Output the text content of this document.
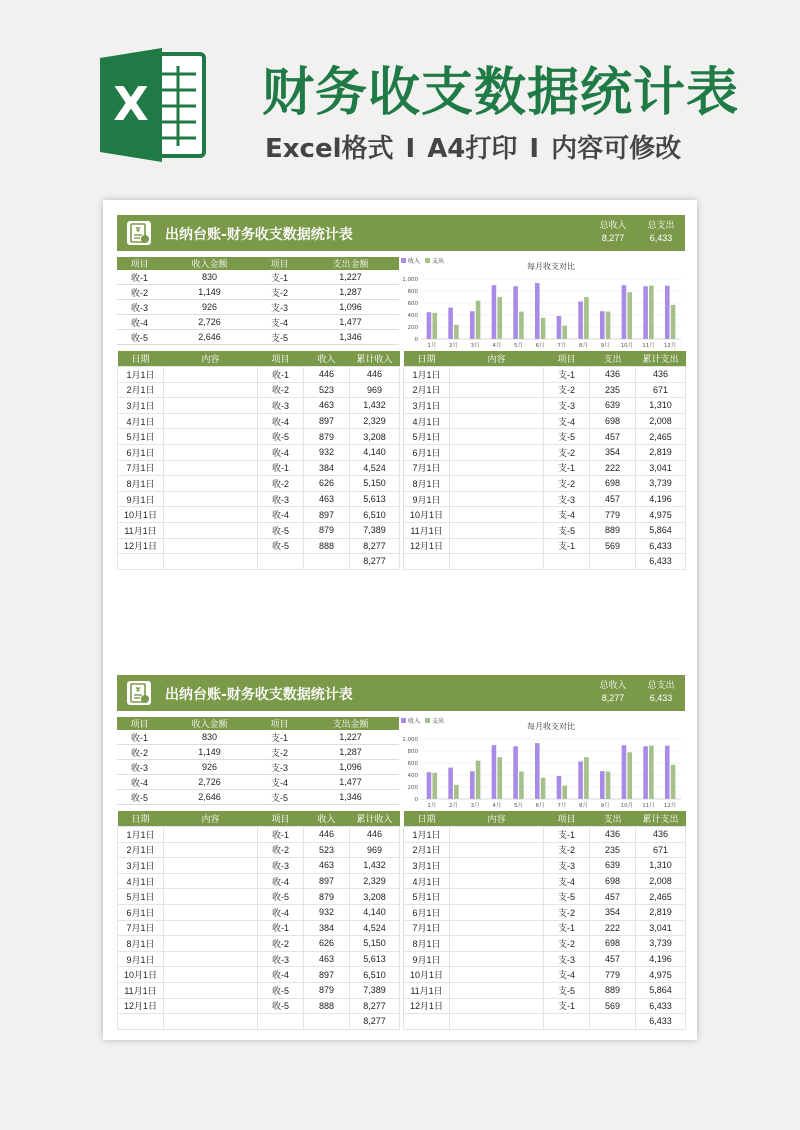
X 财务收支数据统计表
Excel格式 I A4打印 I 内容可修改
¥ 出纳台账-财务收支数据统计表
总收入
8,277
总支出
6,433
项目	收入金额	项目	支出金额
收-1	830	支-1	1,227
收-2	1,149	支-2	1,287
收-3	926	支-3	1,096
收-4	2,726	支-4	1,477
收-5	2,646	支-5	1,346
收入 支出
每月收支对比
0
200
400
600
800
1,000
1月 2月 3月 4月 5月 6月 7月 8月 9月 10月 11月 12月
日期	内容	项目	收入	累计收入
1月1日		收-1	446	446
2月1日		收-2	523	969
3月1日		收-3	463	1,432
4月1日		收-4	897	2,329
5月1日		收-5	879	3,208
6月1日		收-4	932	4,140
7月1日		收-1	384	4,524
8月1日		收-2	626	5,150
9月1日		收-3	463	5,613
10月1日		收-4	897	6,510
11月1日		收-5	879	7,389
12月1日		收-5	888	8,277
				8,277
日期	内容	项目	支出	累计支出
1月1日		支-1	436	436
2月1日		支-2	235	671
3月1日		支-3	639	1,310
4月1日		支-4	698	2,008
5月1日		支-5	457	2,465
6月1日		支-2	354	2,819
7月1日		支-1	222	3,041
8月1日		支-2	698	3,739
9月1日		支-3	457	4,196
10月1日		支-4	779	4,975
11月1日		支-5	889	5,864
12月1日		支-1	569	6,433
				6,433
¥ 出纳台账-财务收支数据统计表
总收入
8,277
总支出
6,433
项目	收入金额	项目	支出金额
收-1	830	支-1	1,227
收-2	1,149	支-2	1,287
收-3	926	支-3	1,096
收-4	2,726	支-4	1,477
收-5	2,646	支-5	1,346
收入 支出
每月收支对比
0
200
400
600
800
1,000
1月 2月 3月 4月 5月 6月 7月 8月 9月 10月 11月 12月
日期	内容	项目	收入	累计收入
1月1日		收-1	446	446
2月1日		收-2	523	969
3月1日		收-3	463	1,432
4月1日		收-4	897	2,329
5月1日		收-5	879	3,208
6月1日		收-4	932	4,140
7月1日		收-1	384	4,524
8月1日		收-2	626	5,150
9月1日		收-3	463	5,613
10月1日		收-4	897	6,510
11月1日		收-5	879	7,389
12月1日		收-5	888	8,277
				8,277
日期	内容	项目	支出	累计支出
1月1日		支-1	436	436
2月1日		支-2	235	671
3月1日		支-3	639	1,310
4月1日		支-4	698	2,008
5月1日		支-5	457	2,465
6月1日		支-2	354	2,819
7月1日		支-1	222	3,041
8月1日		支-2	698	3,739
9月1日		支-3	457	4,196
10月1日		支-4	779	4,975
11月1日		支-5	889	5,864
12月1日		支-1	569	6,433
				6,433
